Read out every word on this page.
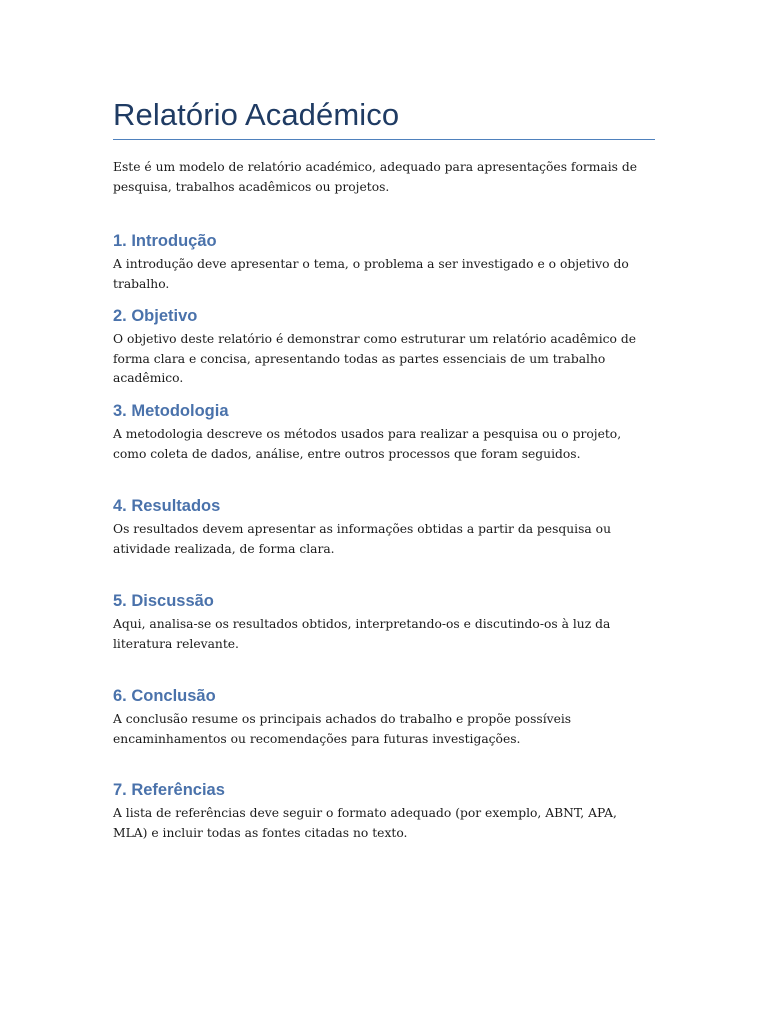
Relatório Académico

Este é um modelo de relatório académico, adequado para apresentações formais de pesquisa, trabalhos acadêmicos ou projetos.

1. Introdução

A introdução deve apresentar o tema, o problema a ser investigado e o objetivo do trabalho.

2. Objetivo

O objetivo deste relatório é demonstrar como estruturar um relatório acadêmico de forma clara e concisa, apresentando todas as partes essenciais de um trabalho acadêmico.

3. Metodologia

A metodologia descreve os métodos usados para realizar a pesquisa ou o projeto, como coleta de dados, análise, entre outros processos que foram seguidos.

4. Resultados

Os resultados devem apresentar as informações obtidas a partir da pesquisa ou atividade realizada, de forma clara.

5. Discussão

Aqui, analisa-se os resultados obtidos, interpretando-os e discutindo-os à luz da literatura relevante.

6. Conclusão

A conclusão resume os principais achados do trabalho e propõe possíveis encaminhamentos ou recomendações para futuras investigações.

7. Referências

A lista de referências deve seguir o formato adequado (por exemplo, ABNT, APA, MLA) e incluir todas as fontes citadas no texto.
